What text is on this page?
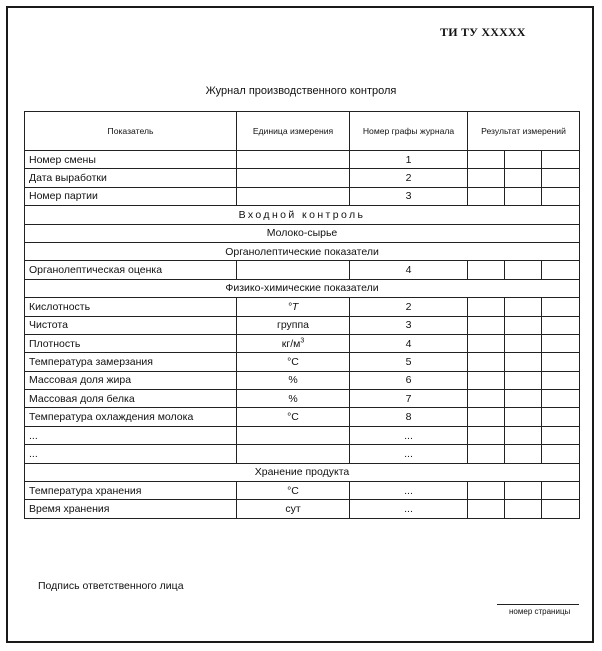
ТИ ТУ XXXXX
Журнал производственного контроля
Показатель	Единица измерения	Номер графы журнала	Результат измерений		
Номер смены		1			
Дата выработки		2			
Номер партии		3			
Входной контроль					
Молоко-сырье					
Органолептические показатели					
Органолептическая оценка		4			
Физико-химические показатели					
Кислотность	°T	2			
Чистота	группа	3			
Плотность	$кг/м^3$	4			
Температура замерзания	°С	5			
Массовая доля жира	%	6			
Массовая доля белка	%	7			
Температура охлаждения молока	°С	8			
...		...			
...		...			
Хранение продукта					
Температура хранения	°С	...			
Время хранения	сут	...			
Подпись ответственного лица
номер страницы
